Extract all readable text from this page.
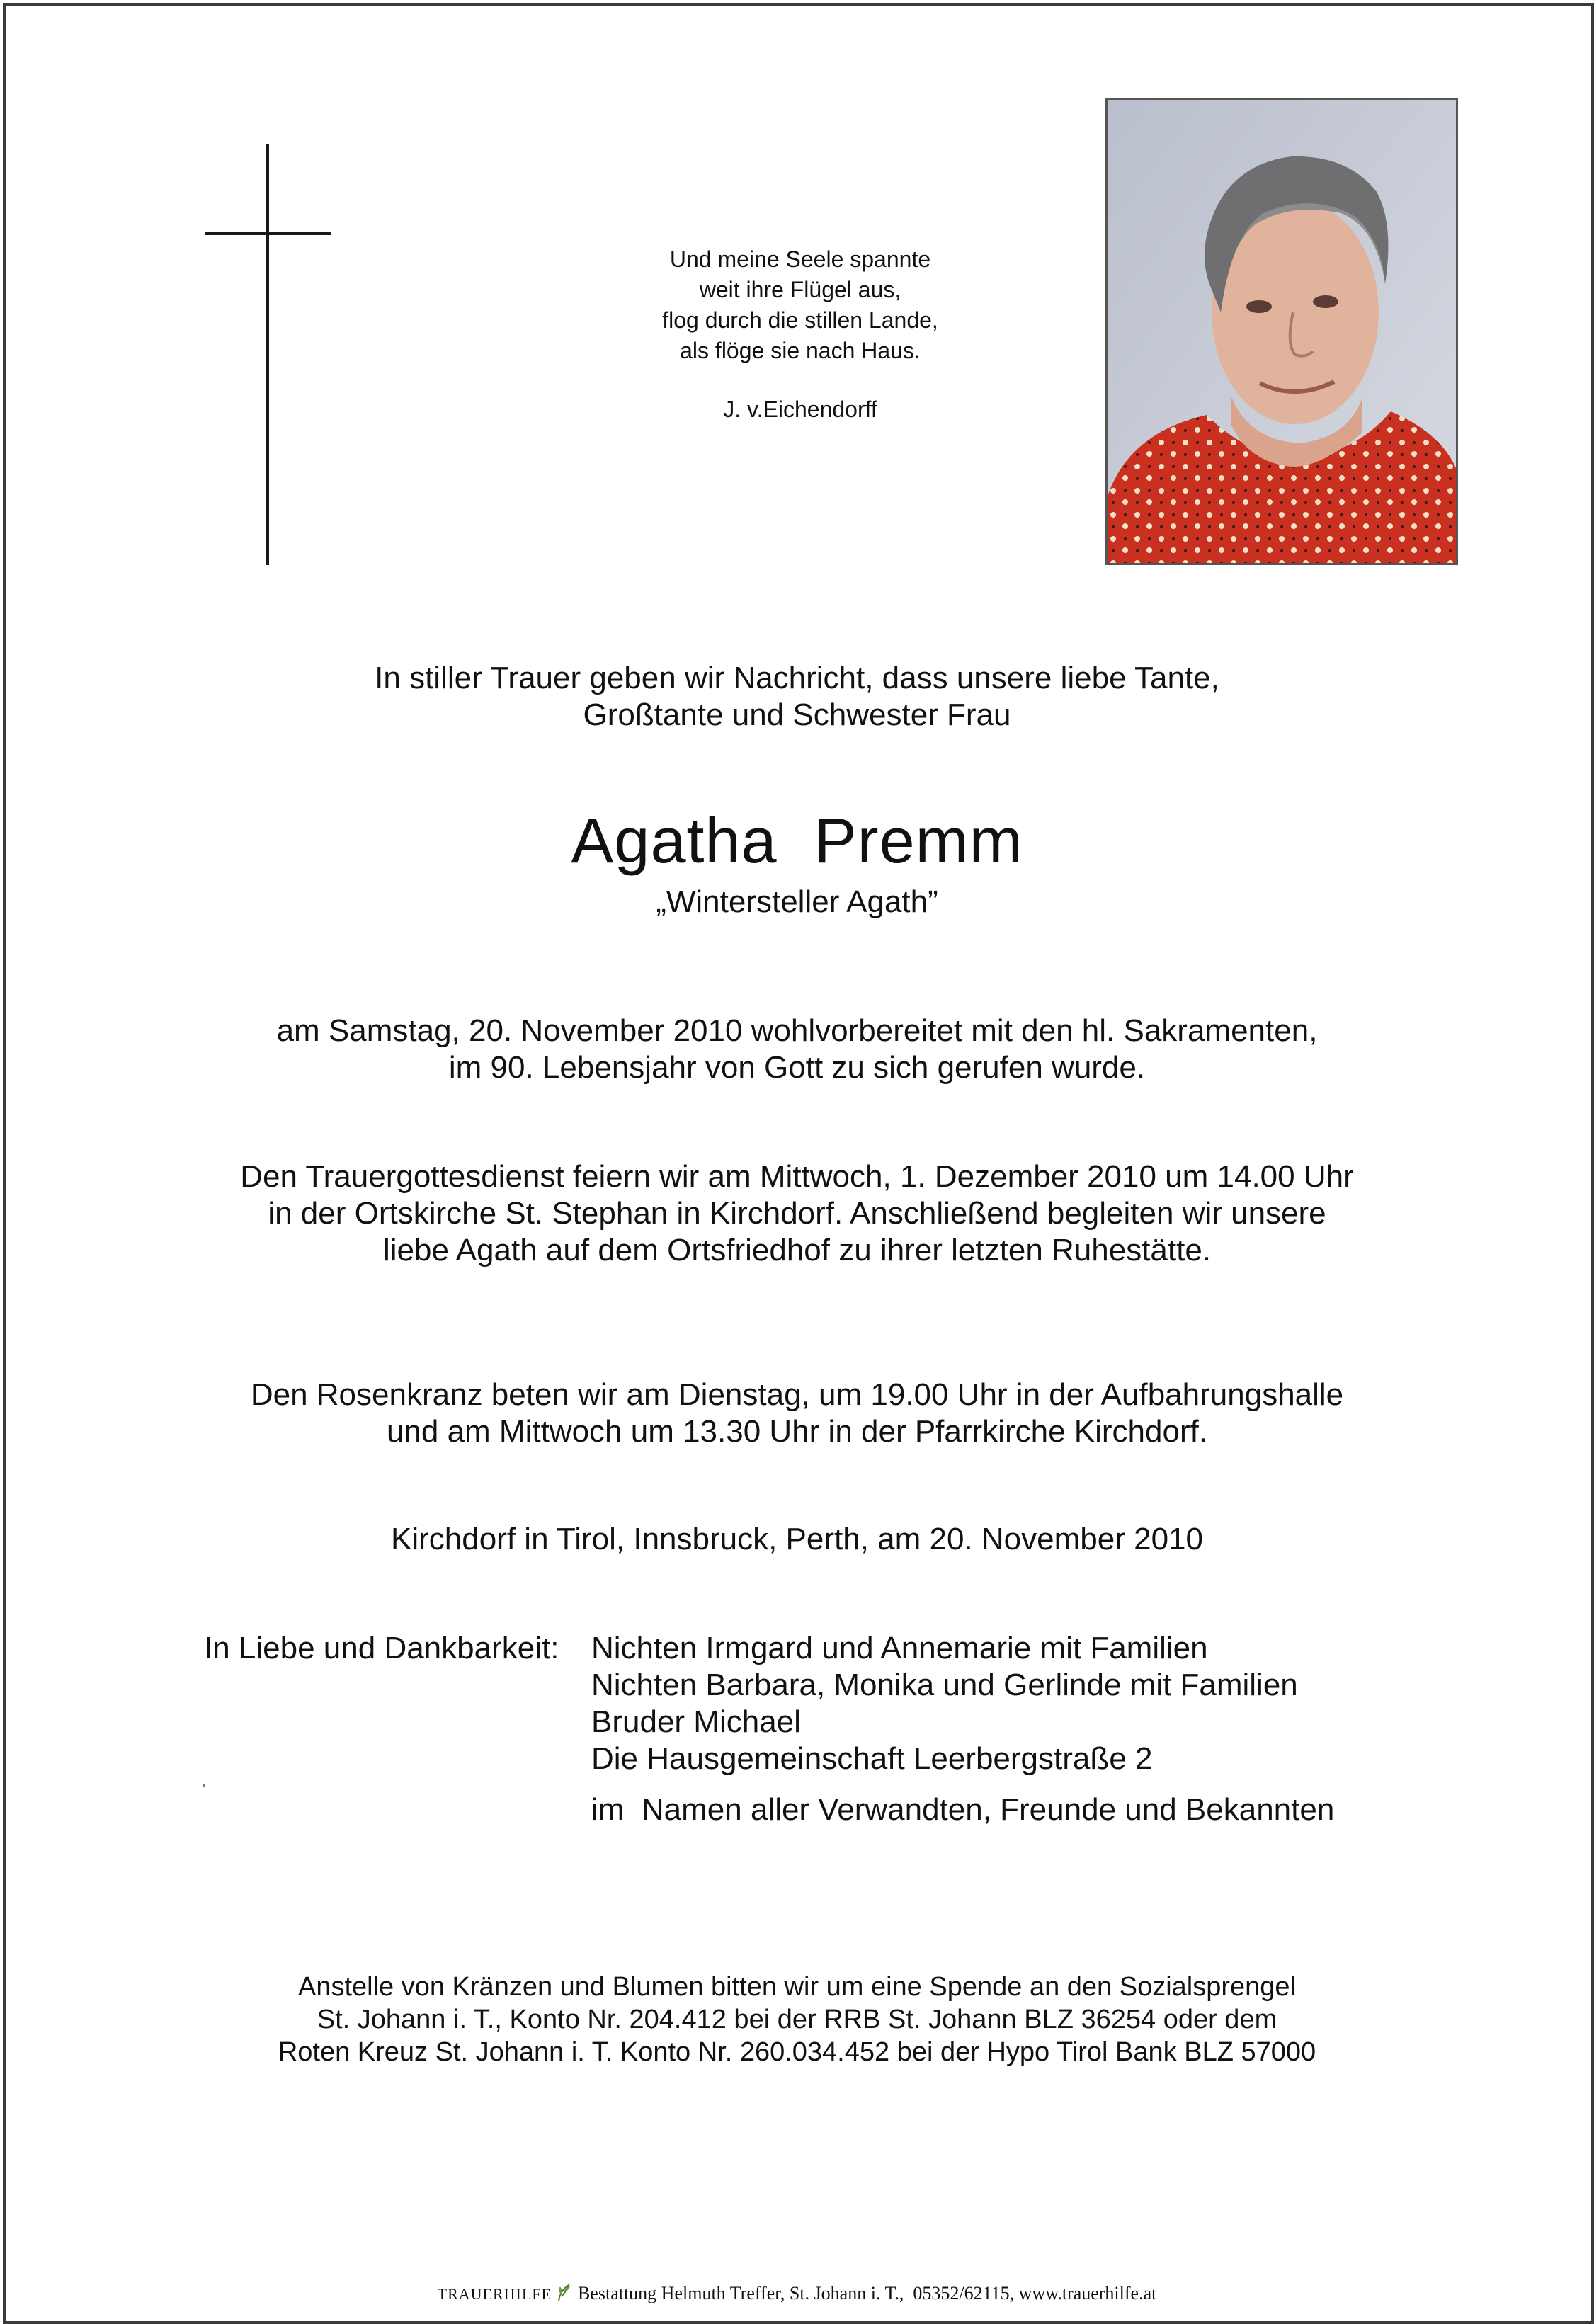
Und meine Seele spannte
weit ihre Flügel aus,
flog durch die stillen Lande,
als flöge sie nach Haus.
J. v.Eichendorff
In stiller Trauer geben wir Nachricht, dass unsere liebe Tante,
Großtante und Schwester Frau
Agatha  Premm
„Wintersteller Agath”
am Samstag, 20. November 2010 wohlvorbereitet mit den hl. Sakramenten,
im 90. Lebensjahr von Gott zu sich gerufen wurde.
Den Trauergottesdienst feiern wir am Mittwoch, 1. Dezember 2010 um 14.00 Uhr
in der Ortskirche St. Stephan in Kirchdorf. Anschließend begleiten wir unsere
liebe Agath auf dem Ortsfriedhof zu ihrer letzten Ruhestätte.
Den Rosenkranz beten wir am Dienstag, um 19.00 Uhr in der Aufbahrungshalle
und am Mittwoch um 13.30 Uhr in der Pfarrkirche Kirchdorf.
Kirchdorf in Tirol, Innsbruck, Perth, am 20. November 2010
In Liebe und Dankbarkeit: Nichten Irmgard und Annemarie mit Familien
Nichten Barbara, Monika und Gerlinde mit Familien
Bruder Michael
Die Hausgemeinschaft Leerbergstraße 2
im  Namen aller Verwandten, Freunde und Bekannten
Anstelle von Kränzen und Blumen bitten wir um eine Spende an den Sozialsprengel
St. Johann i. T., Konto Nr. 204.412 bei der RRB St. Johann BLZ 36254 oder dem
Roten Kreuz St. Johann i. T. Konto Nr. 260.034.452 bei der Hypo Tirol Bank BLZ 57000
TRAUERHILFE Bestattung Helmuth Treffer, St. Johann i. T.,  05352/62115, www.trauerhilfe.at
